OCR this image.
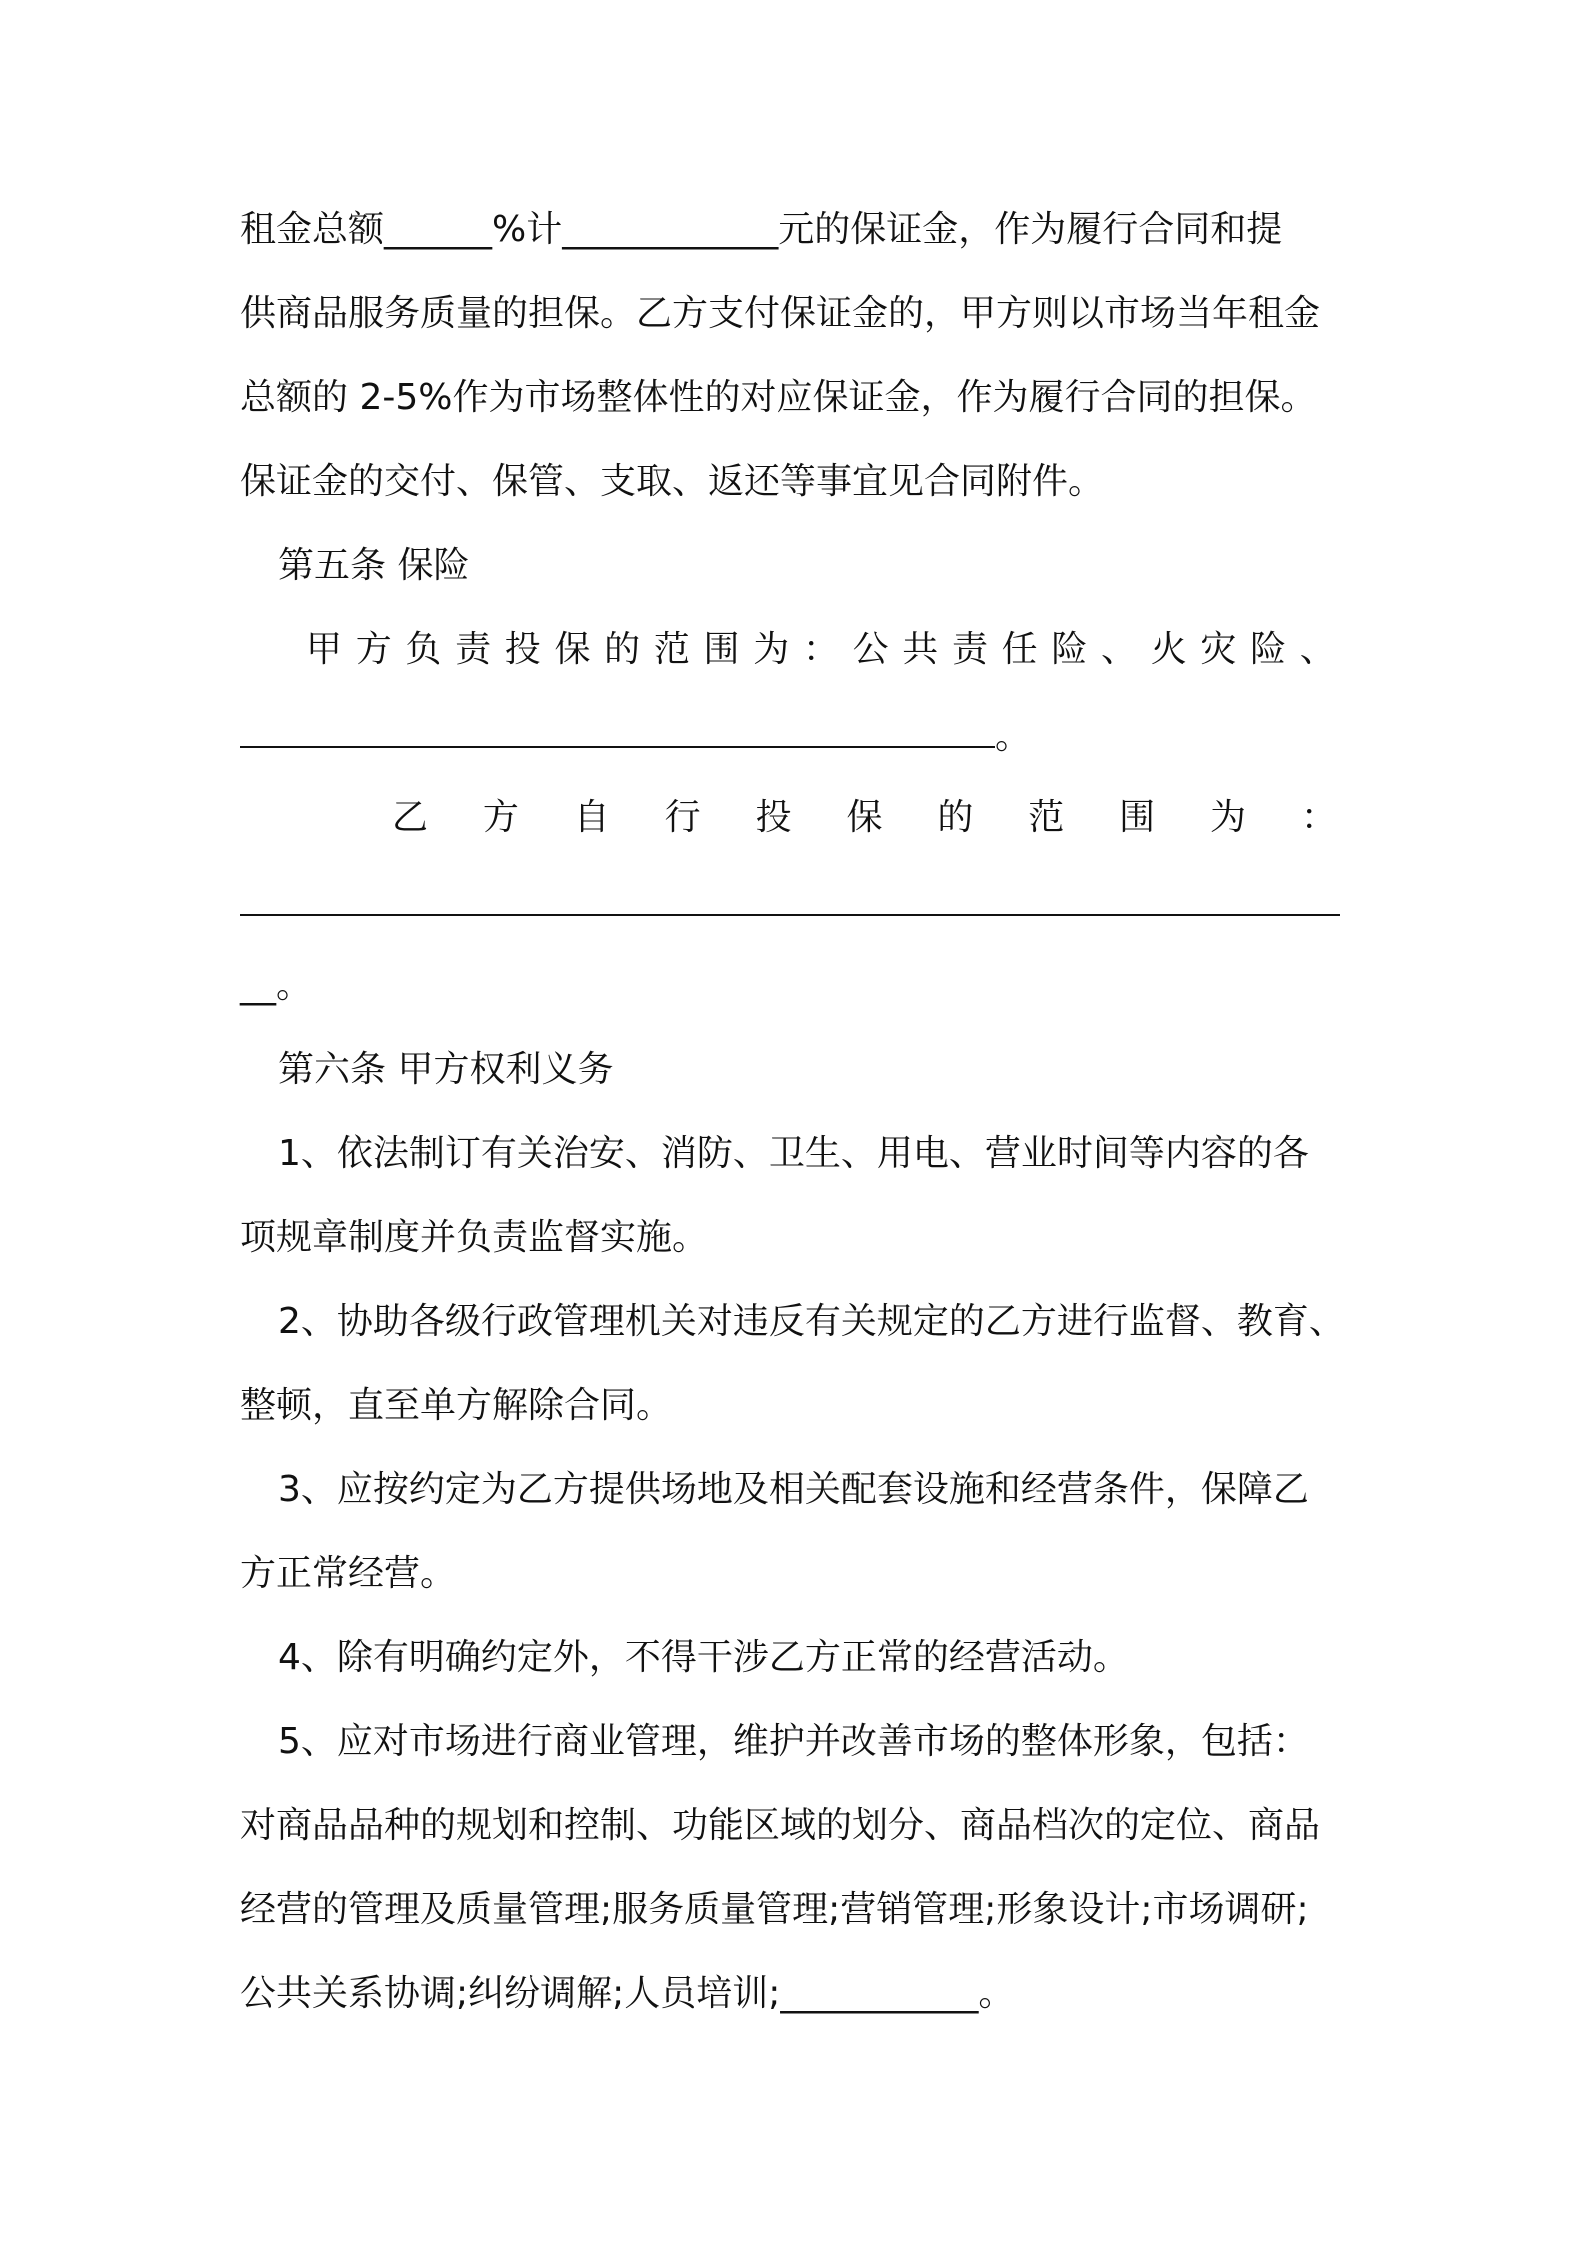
租金总额______%计____________元的保证金，作为履行合同和提

供商品服务质量的担保。乙方支付保证金的，甲方则以市场当年租金

总额的 2-5%作为市场整体性的对应保证金，作为履行合同的担保。

保证金的交付、保管、支取、返还等事宜见合同附件。

第五条 保险

甲 方 负 责 投 保 的 范 围 为 ： 公 共 责 任 险 、 火 灾 险 、

。

乙 方 自 行 投 保 的 范 围 为 ：

__。

第六条 甲方权利义务

1、依法制订有关治安、消防、卫生、用电、营业时间等内容的各

项规章制度并负责监督实施。

2、协助各级行政管理机关对违反有关规定的乙方进行监督、教育、

整顿，直至单方解除合同。

3、应按约定为乙方提供场地及相关配套设施和经营条件，保障乙

方正常经营。

4、除有明确约定外，不得干涉乙方正常的经营活动。

5、应对市场进行商业管理，维护并改善市场的整体形象，包括：

对商品品种的规划和控制、功能区域的划分、商品档次的定位、商品

经营的管理及质量管理;服务质量管理;营销管理;形象设计;市场调研;

公共关系协调;纠纷调解;人员培训;___________。
